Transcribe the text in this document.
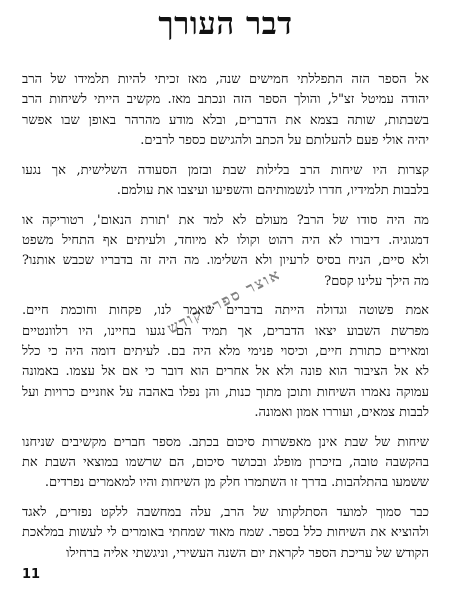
דבר העורך
אל הספר הזה התפללתי חמישים שנה, מאז זכיתי להיות תלמידו של הרב
יהודה עמיטל זצ"ל, והולך הספר הזה ונכתב מאז. מקשיב הייתי לשיחות הרב
בשבתות, שותה בצמא את הדברים, ובלא מודע מהרהר באופן שבו אפשר
יהיה אולי פעם להעלותם על הכתב ולהגישם כספר לרבים.
קצרות היו שיחות הרב בלילות שבת ובזמן הסעודה השלישית, אך נגעו
בלבבות תלמידיו, חדרו לנשמותיהם והשפיעו ועיצבו את עולמם.
מה היה סודו של הרב? מעולם לא למד את 'תורת הנאום', רטוריקה או
דמגוגיה. דיבורו לא היה רהוט וקולו לא מיוחד, ולעיתים אף התחיל משפט
ולא סיים, הניח בסיס לרעיון ולא השלימו. מה היה זה בדבריו שכבש אותנו?
מה הילך עלינו קסם?
אמת פשוטה וגדולה הייתה בדברים שאמר לנו, פקחות וחוכמת חיים.
מפרשת השבוע יצאו הדברים, אך תמיד הם נגעו בחיינו, היו רלוונטיים
ומאירים כתורת חיים, וכיסוי פנימי מלא היה בם. לעיתים דומה היה כי כלל
לא אל הציבור הוא פונה ולא אל אחרים הוא דובר כי אם אל עצמו. באמונה
עמוקה נאמרו השיחות ותוכן מתוך כנות, והן נפלו באהבה על אוזניים כרויות ועל
לבבות צמאים, ועוררו אמון ואמונה.
שיחות של שבת אינן מאפשרות סיכום בכתב. מספר חברים מקשיבים שניחנו
בהקשבה טובה, בזיכרון מופלג ובכושר סיכום, הם שרשמו במוצאי השבת את
ששמעו בהתלהבות. בדרך זו השתמרו חלק מן השיחות והיו למאמרים נפרדים.
כבר סמוך למועד הסתלקותו של הרב, עלה במחשבה ללקט נפזרים, לאגד
ולהוציא את השיחות כלל בספר. שמח מאוד שמחתי באומרים לי לעשות במלאכת
הקודש של עריכת הספר לקראת יום השנה העשירי, וניגשתי אליה ברחילו
אוצר ספרי קודש
11
